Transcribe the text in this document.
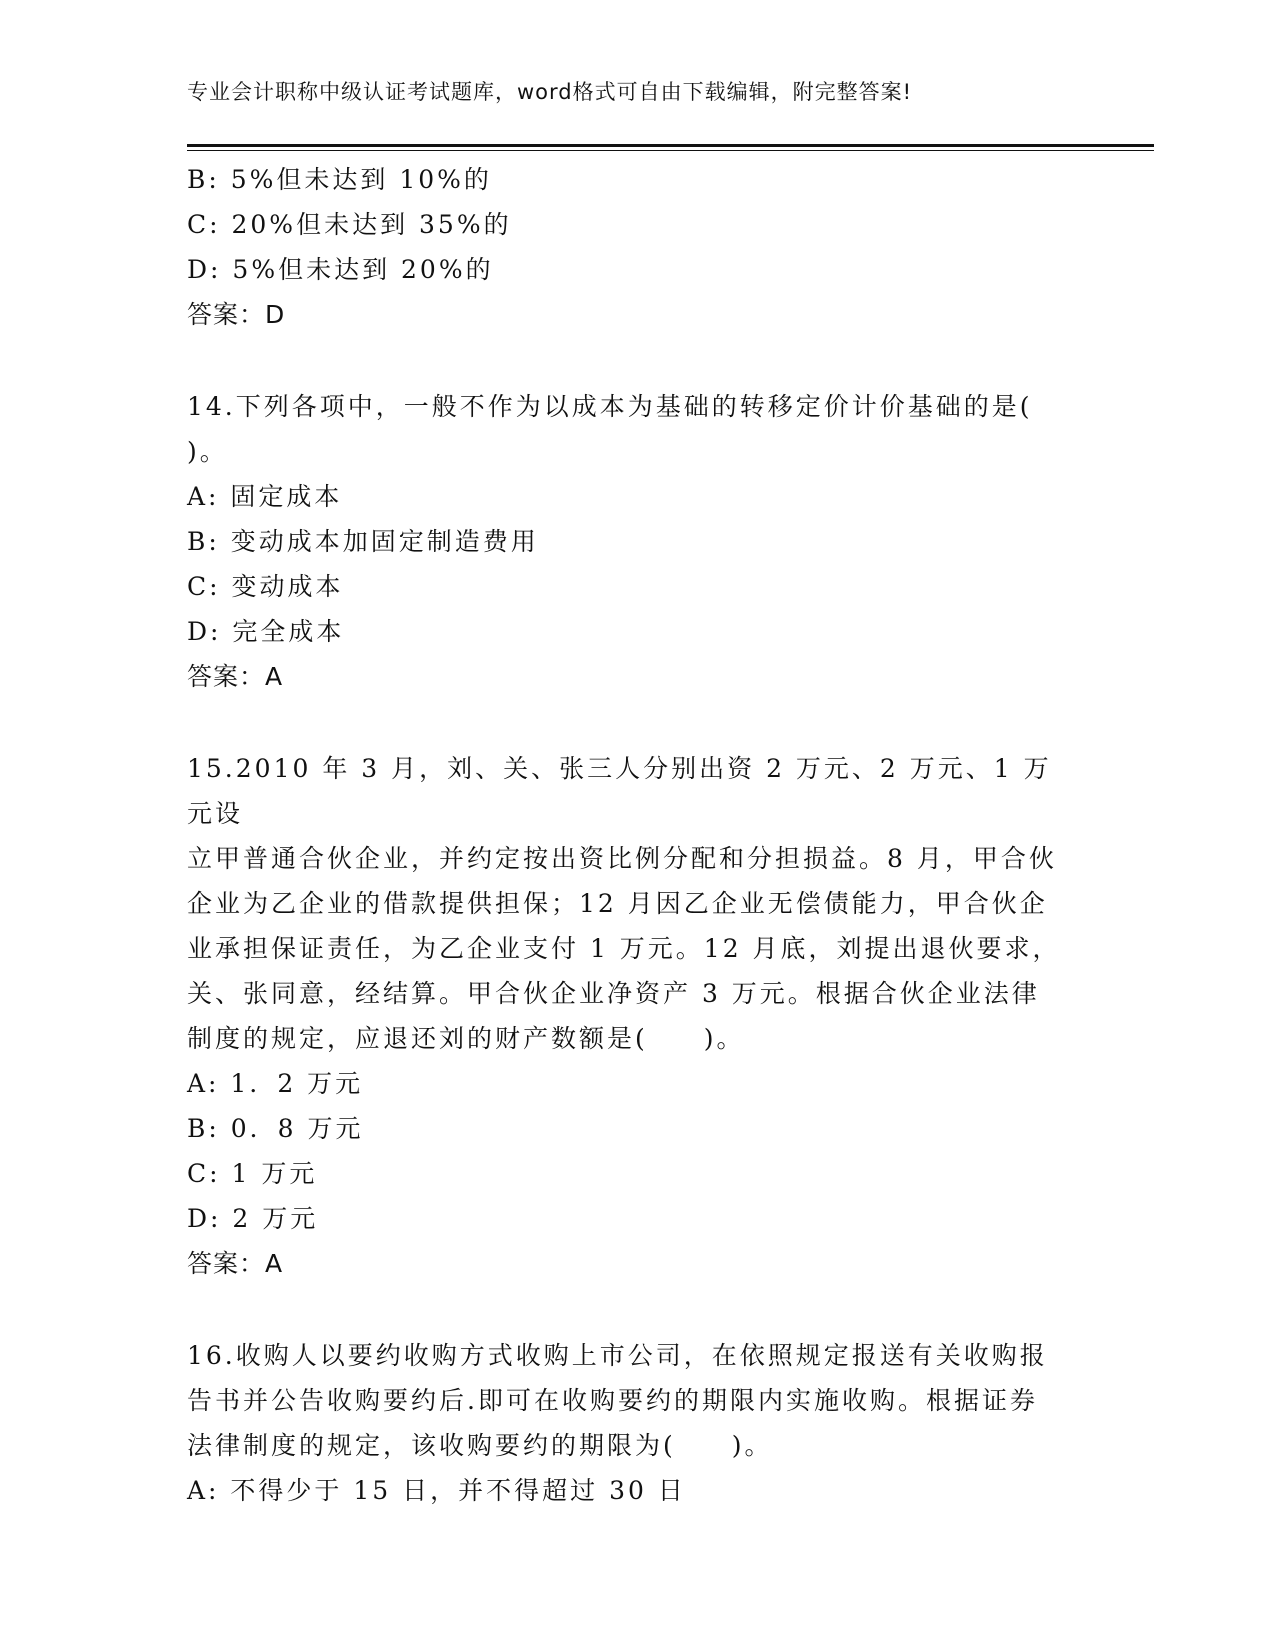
专业会计职称中级认证考试题库，word格式可自由下载编辑，附完整答案!

B: 5%但未达到 10%的

C: 20%但未达到 35%的

D: 5%但未达到 20%的

答案：D

14.下列各项中，一般不作为以成本为基础的转移定价计价基础的是(

)。

A: 固定成本

B: 变动成本加固定制造费用

C: 变动成本

D: 完全成本

答案：A

15.2010 年 3 月，刘、关、张三人分别出资 2 万元、2 万元、1 万元设

立甲普通合伙企业，并约定按出资比例分配和分担损益。8 月，甲合伙

企业为乙企业的借款提供担保；12 月因乙企业无偿债能力，甲合伙企

业承担保证责任，为乙企业支付 1 万元。12 月底，刘提出退伙要求，

关、张同意，经结算。甲合伙企业净资产 3 万元。根据合伙企业法律

制度的规定，应退还刘的财产数额是(　　)。

A: 1．2 万元

B: 0．8 万元

C: 1 万元

D: 2 万元

答案：A

16.收购人以要约收购方式收购上市公司，在依照规定报送有关收购报

告书并公告收购要约后.即可在收购要约的期限内实施收购。根据证券

法律制度的规定，该收购要约的期限为(　　)。

A: 不得少于 15 日，并不得超过 30 日
